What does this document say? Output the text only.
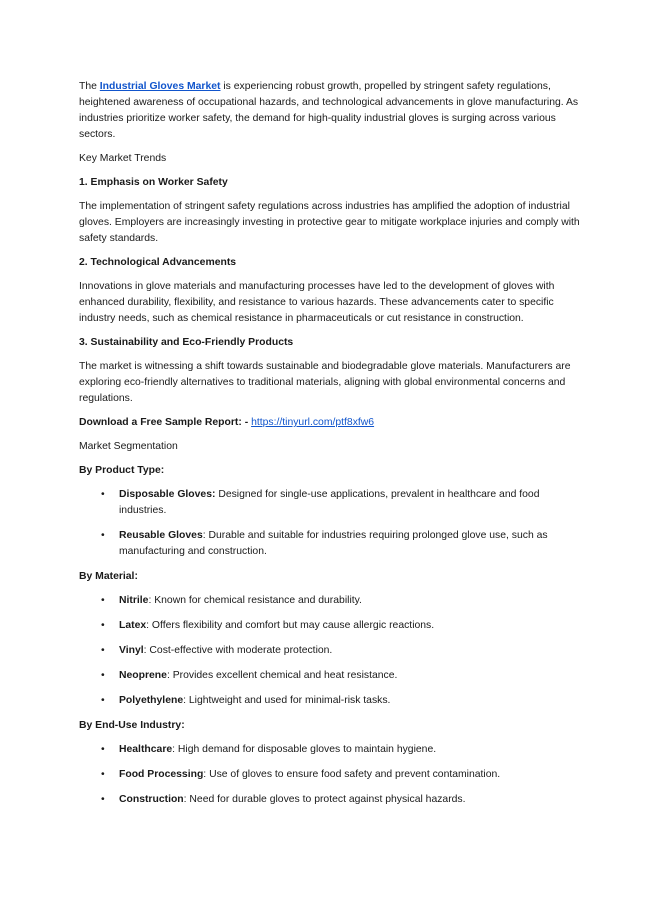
The Industrial Gloves Market is experiencing robust growth, propelled by stringent safety regulations, heightened awareness of occupational hazards, and technological advancements in glove manufacturing. As industries prioritize worker safety, the demand for high-quality industrial gloves is surging across various sectors.

Key Market Trends

1. Emphasis on Worker Safety

The implementation of stringent safety regulations across industries has amplified the adoption of industrial gloves. Employers are increasingly investing in protective gear to mitigate workplace injuries and comply with safety standards.

2. Technological Advancements

Innovations in glove materials and manufacturing processes have led to the development of gloves with enhanced durability, flexibility, and resistance to various hazards. These advancements cater to specific industry needs, such as chemical resistance in pharmaceuticals or cut resistance in construction.

3. Sustainability and Eco-Friendly Products

The market is witnessing a shift towards sustainable and biodegradable glove materials. Manufacturers are exploring eco-friendly alternatives to traditional materials, aligning with global environmental concerns and regulations.

Download a Free Sample Report: - https://tinyurl.com/ptf8xfw6

Market Segmentation

By Product Type:

• Disposable Gloves: Designed for single-use applications, prevalent in healthcare and food industries.
• Reusable Gloves: Durable and suitable for industries requiring prolonged glove use, such as manufacturing and construction.

By Material:

• Nitrile: Known for chemical resistance and durability.
• Latex: Offers flexibility and comfort but may cause allergic reactions.
• Vinyl: Cost-effective with moderate protection.
• Neoprene: Provides excellent chemical and heat resistance.
• Polyethylene: Lightweight and used for minimal-risk tasks.

By End-Use Industry:

• Healthcare: High demand for disposable gloves to maintain hygiene.
• Food Processing: Use of gloves to ensure food safety and prevent contamination.
• Construction: Need for durable gloves to protect against physical hazards.
